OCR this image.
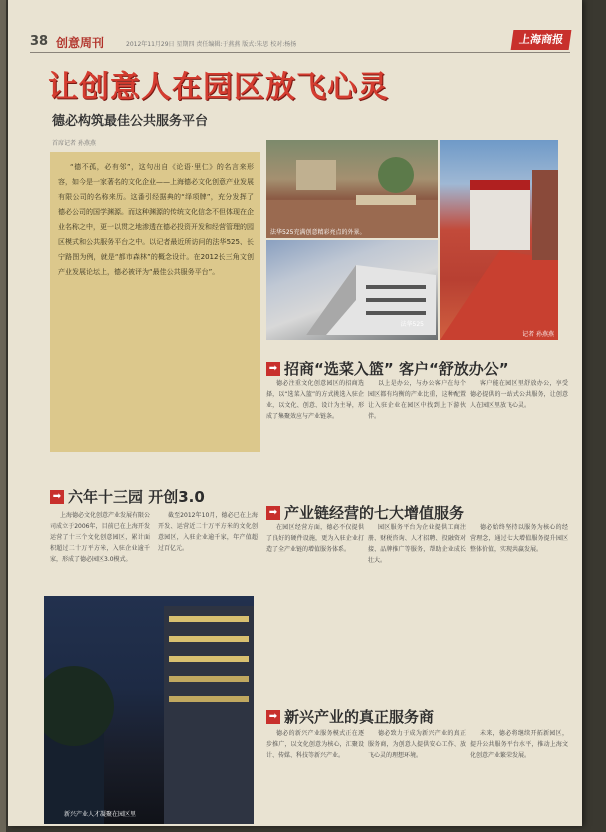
38 创意周刊	2012年11月29日 星期四 责任编辑:于燕燕 版式:朱思 校对:杨扬	上海商报
让创意人在园区放飞心灵
德必构筑最佳公共服务平台
首席记者 孙燕燕
“德不孤，必有邻”，这句出自《论语·里仁》的名言来形容，如今是一家著名的文化企业——上海德必文化创意产业发展有限公司的名称来历。这番引经据典的“绎项牌”，充分发挥了德必公司的国学渊源。而这种渊源的传统文化信念不但体现在企业名称之中，更一以贯之地渗透在德必投资开发和经营管理的园区模式和公共服务平台之中。以记者最近所访问的法华525、长宁路图为例，就是“都市森林”的概念设计。在2012长三角文创产业发展论坛上，德必被评为“最佳公共服务平台”。
法华525充满创意精彩亮点的外景。
法华525
记者 孙燕燕
新兴产业人才凝聚在园区里
➡ 招商“选菜入篮” 客户“舒放办公”
德必注重文化创意园区的招商选择，以“选菜入篮”的方式挑选入驻企业，以文化、创意、设计为主导，形成了集聚效应与产业链条。
以上是办公，与办公客户在每个园区都有均衡的产业比重，这种配置让入驻企业在园区中找到上下游伙伴。
客户能在园区里舒放办公，享受德必提供的一站式公共服务，让创意人在园区里放飞心灵。
➡ 六年十三园 开创3.0
上海德必文化创意产业发展有限公司成立于2006年，目前已在上海开发运营了十三个文化创意园区，累计面积超过二十万平方米，入驻企业逾千家，形成了德必园区3.0模式。
截至2012年10月，德必已在上海开发、运营近二十万平方米的文化创意园区，入驻企业逾千家，年产值超过百亿元。
➡ 产业链经营的七大增值服务
在园区经营方面，德必不仅提供了良好的硬件设施，更为入驻企业打造了全产业链的增值服务体系。
园区服务平台为企业提供工商注册、财税咨询、人才招聘、投融资对接、品牌推广等服务，帮助企业成长壮大。
德必始终坚持以服务为核心的经营理念，通过七大增值服务提升园区整体价值，实现共赢发展。
➡ 新兴产业的真正服务商
德必的新兴产业服务模式正在逐步推广，以文化创意为核心，汇聚设计、传媒、科技等新兴产业。
德必致力于成为新兴产业的真正服务商，为创意人提供安心工作、放飞心灵的理想环境。
未来，德必将继续开拓新园区，提升公共服务平台水平，推动上海文化创意产业繁荣发展。
